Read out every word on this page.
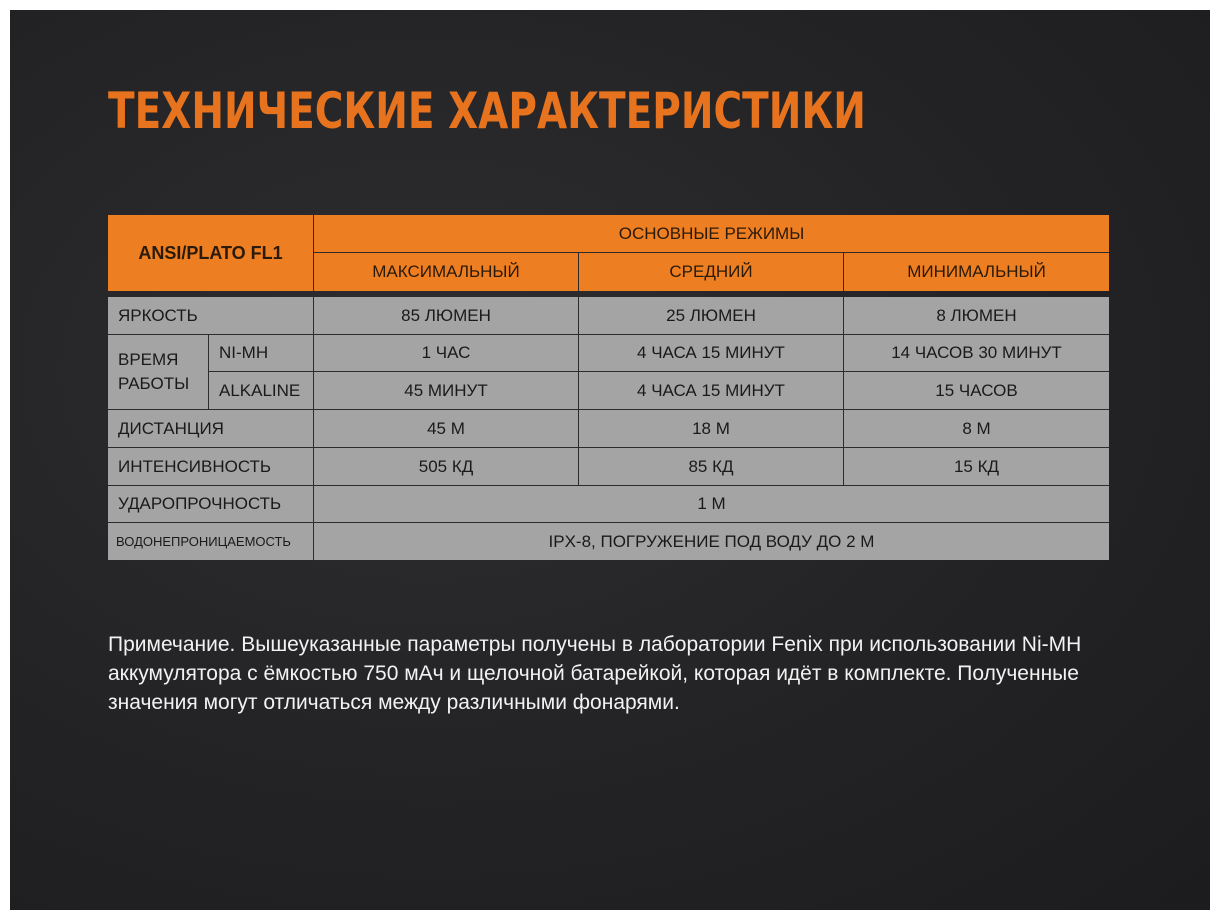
ТЕХНИЧЕСКИЕ ХАРАКТЕРИСТИКИ
ANSI/PLATO FL1
ОСНОВНЫЕ РЕЖИМЫ
МАКСИМАЛЬНЫЙ	СРЕДНИЙ	МИНИМАЛЬНЫЙ
ЯРКОСТЬ	85 ЛЮМЕН	25 ЛЮМЕН	8 ЛЮМЕН
ВРЕМЯ
РАБОТЫ
NI-MH	1 ЧАС	4 ЧАСА 15 МИНУТ	14 ЧАСОВ 30 МИНУТ
ALKALINE	45 МИНУТ	4 ЧАСА 15 МИНУТ	15 ЧАСОВ
ДИСТАНЦИЯ	45 М	18 М	8 М
ИНТЕНСИВНОСТЬ	505 КД	85 КД	15 КД
УДАРОПРОЧНОСТЬ	1 М
ВОДОНЕПРОНИЦАЕМОСТЬ	IPX-8, ПОГРУЖЕНИЕ ПОД ВОДУ ДО 2 М

Примечание. Вышеуказанные параметры получены в лаборатории Fenix при использовании Ni-MH аккумулятора с ёмкостью 750 мАч и щелочной батарейкой, которая идёт в комплекте. Полученные значения могут отличаться между различными фонарями.
